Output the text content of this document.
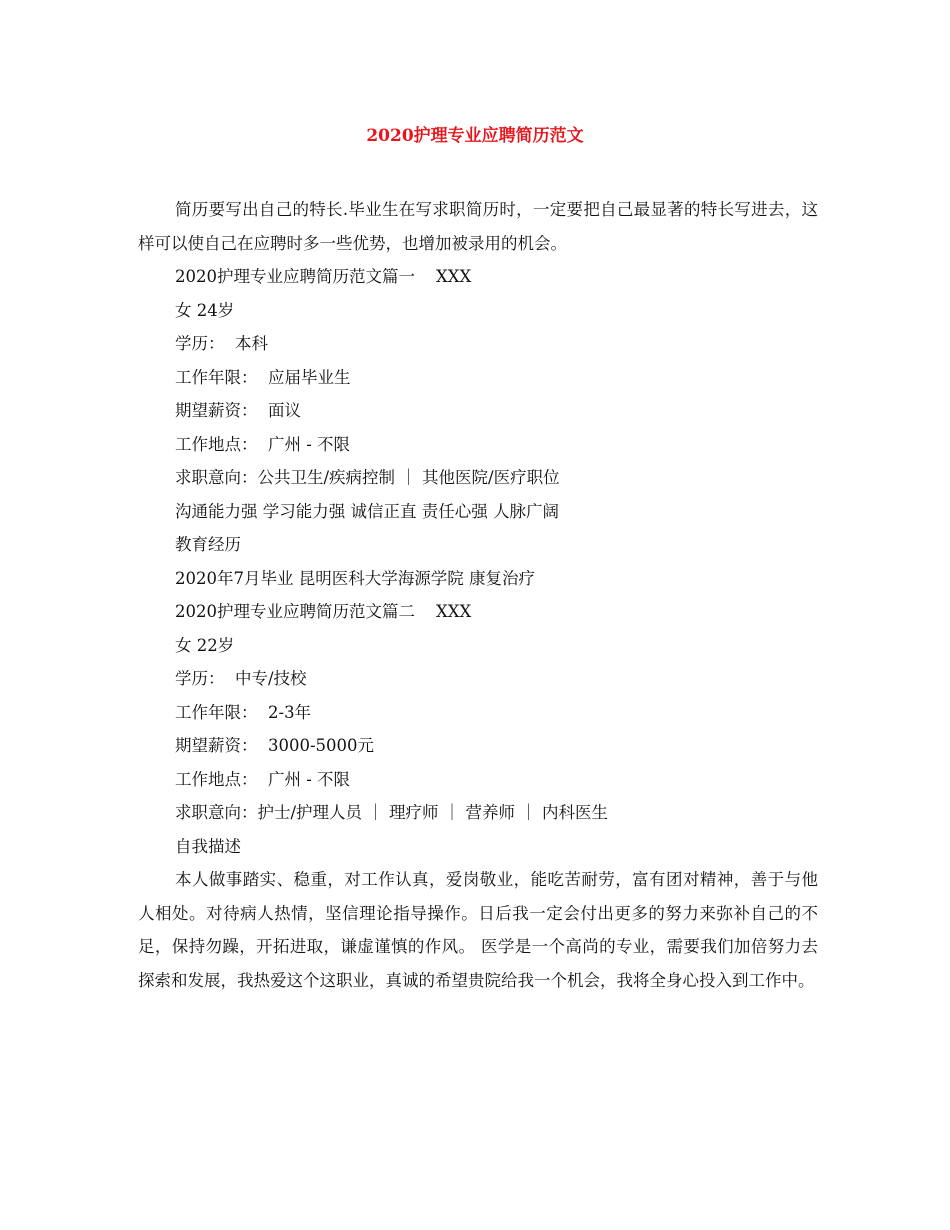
2020护理专业应聘简历范文

简历要写出自己的特长.毕业生在写求职简历时，一定要把自己最显著的特长写进去，这样可以使自己在应聘时多一些优势，也增加被录用的机会。

2020护理专业应聘简历范文篇一    XXX

女 24岁

学历：  本科

工作年限：  应届毕业生

期望薪资：  面议

工作地点：  广州 - 不限

求职意向：公共卫生/疾病控制 ｜ 其他医院/医疗职位

沟通能力强 学习能力强 诚信正直 责任心强 人脉广阔

教育经历

2020年7月毕业 昆明医科大学海源学院 康复治疗

2020护理专业应聘简历范文篇二    XXX

女 22岁

学历：  中专/技校

工作年限：  2-3年

期望薪资：  3000-5000元

工作地点：  广州 - 不限

求职意向：护士/护理人员 ｜ 理疗师 ｜ 营养师 ｜ 内科医生

自我描述

本人做事踏实、稳重，对工作认真，爱岗敬业，能吃苦耐劳，富有团对精神，善于与他人相处。对待病人热情，坚信理论指导操作。日后我一定会付出更多的努力来弥补自己的不足，保持勿躁，开拓进取，谦虚谨慎的作风。 医学是一个高尚的专业，需要我们加倍努力去探索和发展，我热爱这个这职业，真诚的希望贵院给我一个机会，我将全身心投入到工作中。
